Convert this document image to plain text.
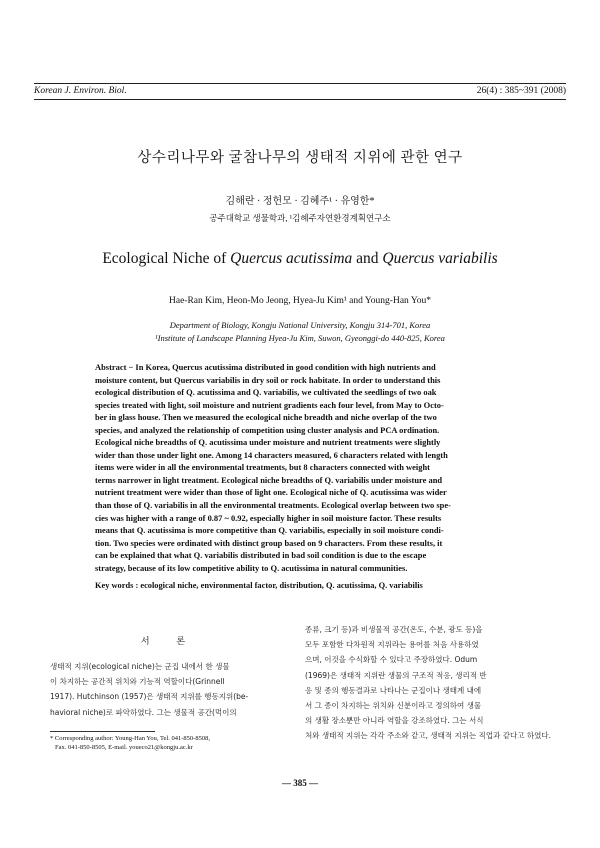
Korean J. Environ. Biol.	26(4) : 385~391 (2008)
상수리나무와 굴참나무의 생태적 지위에 관한 연구
김해란 · 정헌모 · 김혜주¹ · 유영한*
공주대학교 생물학과, ¹김혜주자연환경계획연구소
Ecological Niche of Quercus acutissima and Quercus variabilis
Hae-Ran Kim, Heon-Mo Jeong, Hyea-Ju Kim¹ and Young-Han You*
Department of Biology, Kongju National University, Kongju 314-701, Korea
¹Institute of Landscape Planning Hyea-Ju Kim, Suwon, Gyeonggi-do 440-825, Korea
Abstract − In Korea, Quercus acutissima distributed in good condition with high nutrients and
moisture content, but Quercus variabilis in dry soil or rock habitate. In order to understand this
ecological distribution of Q. acutissima and Q. variabilis, we cultivated the seedlings of two oak
species treated with light, soil moisture and nutrient gradients each four level, from May to Octo-
ber in glass house. Then we measured the ecological niche breadth and niche overlap of the two
species, and analyzed the relationship of competition using cluster analysis and PCA ordination.
Ecological niche breadths of Q. acutissima under moisture and nutrient treatments were slightly
wider than those under light one. Among 14 characters measured, 6 characters related with length
items were wider in all the environmental treatments, but 8 characters connected with weight
terms narrower in light treatment. Ecological niche breadths of Q. variabilis under moisture and
nutrient treatment were wider than those of light one. Ecological niche of Q. acutissima was wider
than those of Q. variabilis in all the environmental treatments. Ecological overlap between two spe-
cies was higher with a range of 0.87 ~ 0.92, especially higher in soil moisture factor. These results
means that Q. acutissima is more competitive than Q. variabilis, especially in soil moisture condi-
tion. Two species were ordinated with distinct group based on 9 characters. From these results, it
can be explained that what Q. variabilis distributed in bad soil condition is due to the escape
strategy, because of its low competitive ability to Q. acutissima in natural communities.
Key words : ecological niche, environmental factor, distribution, Q. acutissima, Q. variabilis
서 론
생태적 지위(ecological niche)는 군집 내에서 한 생물
이 차지하는 공간적 위치와 기능적 역할이다(Grinnell
1917). Hutchinson (1957)은 생태적 지위를 행동지위(be-
havioral niche)로 파악하였다. 그는 생물적 공간(먹이의
종류, 크기 등)과 비생물적 공간(온도, 수분, 광도 등)을
모두 포함한 다차원적 지위라는 용어를 처음 사용하였
으며, 이것을 수식화할 수 있다고 주장하였다. Odum
(1969)은 생태적 지위란 생물의 구조적 적응, 생리적 반
응 및 종의 행동결과로 나타나는 군집이나 생태계 내에
서 그 종이 차지하는 위치와 신분이라고 정의하여 생물
의 생활 장소뿐만 아니라 역할을 강조하였다. 그는 서식
처와 생태적 지위는 각각 주소와 같고, 생태적 지위는 직업과 같다고 하였다.
* Corresponding author: Young-Han You, Tel. 041-850-8508,
Fax. 041-850-8505, E-mail. youeco21@kongju.ac.kr
— 385 —
